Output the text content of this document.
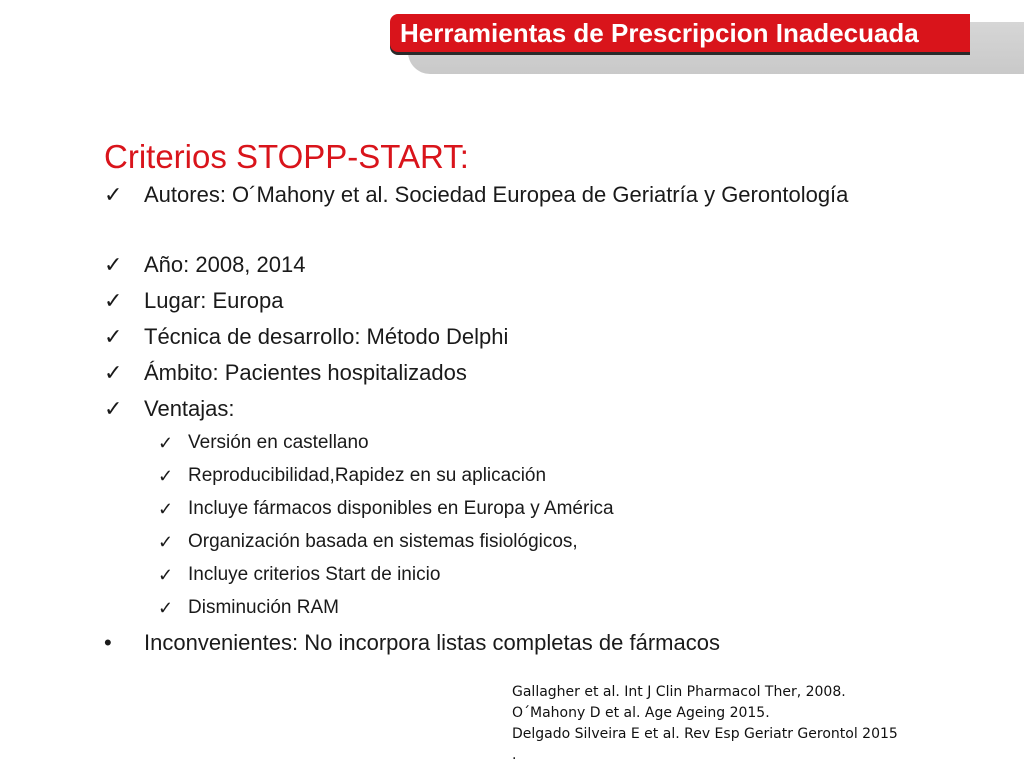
Herramientas de Prescripcion Inadecuada
Criterios STOPP-START:
✓ Autores: O´Mahony et al. Sociedad Europea de Geriatría y Gerontología
✓ Año: 2008, 2014
✓ Lugar: Europa
✓ Técnica de desarrollo: Método Delphi
✓ Ámbito: Pacientes hospitalizados
✓ Ventajas:
✓ Versión en castellano
✓ Reproducibilidad,Rapidez en su aplicación
✓ Incluye fármacos disponibles en Europa y América
✓ Organización basada en sistemas fisiológicos,
✓ Incluye criterios Start de inicio
✓ Disminución RAM
• Inconvenientes: No incorpora listas completas de fármacos
Gallagher et al. Int J Clin Pharmacol Ther, 2008.
O´Mahony D et al. Age Ageing 2015.
Delgado Silveira E et al. Rev Esp Geriatr Gerontol 2015
.
